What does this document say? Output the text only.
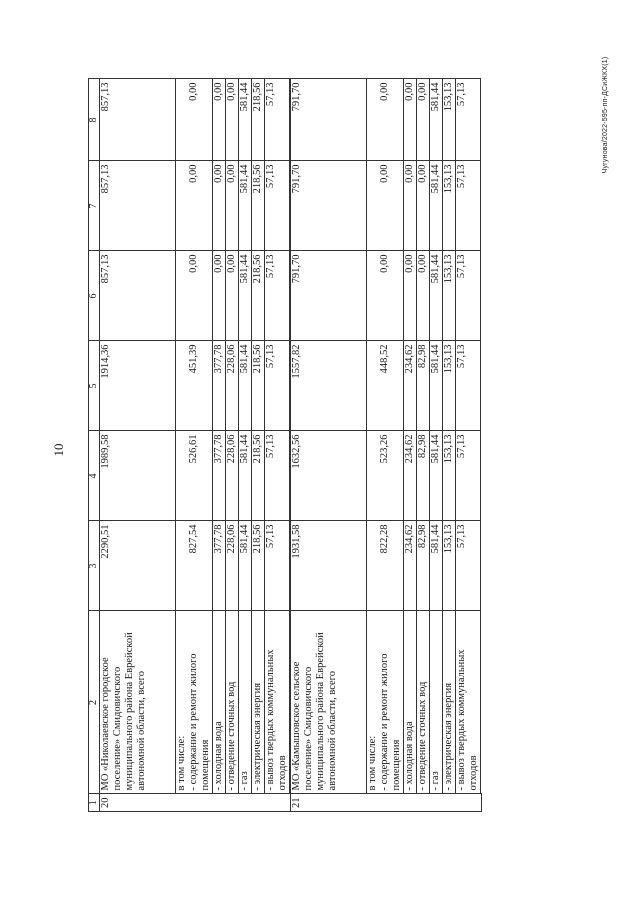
10
1	2	3	4	5	6	7	8
20	МО «Николаевское городское поселение» Смидовичского муниципального района Еврейской автономной области, всего	2290,51	1989,58	1914,36	857,13	857,13	857,13

	в том числе: - содержание и ремонт жилого помещения	827,54	526,61	451,39	0,00	0,00	0,00

	- холодная вода	377,78	377,78	377,78	0,00	0,00	0,00

	- отведение сточных вод	228,06	228,06	228,06	0,00	0,00	0,00

	- газ	581,44	581,44	581,44	581,44	581,44	581,44

	- электрическая энергия	218,56	218,56	218,56	218,56	218,56	218,56

	- вывоз твердых коммунальных отходов	57,13	57,13	57,13	57,13	57,13	57,13

21	МО «Камышовское сельское поселение» Смидовичского муниципального района Еврейской автономной области, всего	1931,58	1632,56	1557,82	791,70	791,70	791,70

	в том числе: - содержание и ремонт жилого помещения	822,28	523,26	448,52	0,00	0,00	0,00

	- холодная вода	234,62	234,62	234,62	0,00	0,00	0,00

	- отведение сточных вод	82,98	82,98	82,98	0,00	0,00	0,00

	- газ	581,44	581,44	581,44	581,44	581,44	581,44

	- электрическая энергия	153,13	153,13	153,13	153,13	153,13	153,13

	- вывоз твердых коммунальных отходов	57,13	57,13	57,13	57,13	57,13	57,13
							Чугунова/2022-595-пп-ДСиЖКХ(1)
